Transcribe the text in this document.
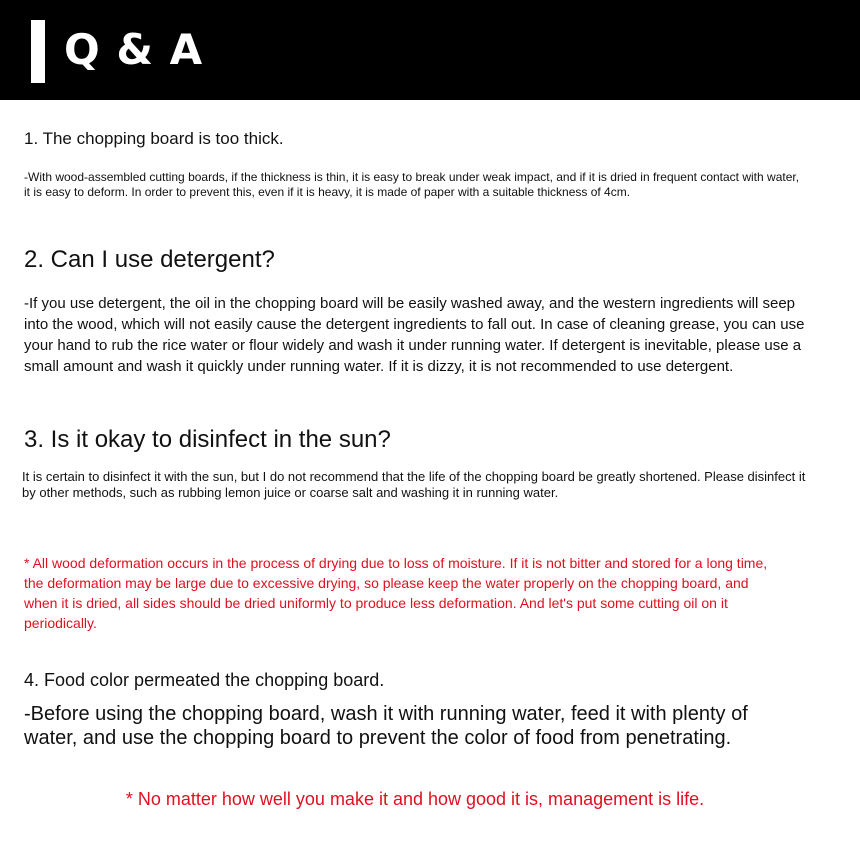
Q & A
1. The chopping board is too thick.

-With wood-assembled cutting boards, if the thickness is thin, it is easy to break under weak impact, and if it is dried in frequent contact with water, it is easy to deform. In order to prevent this, even if it is heavy, it is made of paper with a suitable thickness of 4cm.

2. Can I use detergent?

-If you use detergent, the oil in the chopping board will be easily washed away, and the western ingredients will seep into the wood, which will not easily cause the detergent ingredients to fall out. In case of cleaning grease, you can use your hand to rub the rice water or flour widely and wash it under running water. If detergent is inevitable, please use a small amount and wash it quickly under running water. If it is dizzy, it is not recommended to use detergent.

3. Is it okay to disinfect in the sun?

It is certain to disinfect it with the sun, but I do not recommend that the life of the chopping board be greatly shortened. Please disinfect it by other methods, such as rubbing lemon juice or coarse salt and washing it in running water.

* All wood deformation occurs in the process of drying due to loss of moisture. If it is not bitter and stored for a long time, the deformation may be large due to excessive drying, so please keep the water properly on the chopping board, and when it is dried, all sides should be dried uniformly to produce less deformation. And let's put some cutting oil on it periodically.

4. Food color permeated the chopping board.

-Before using the chopping board, wash it with running water, feed it with plenty of water, and use the chopping board to prevent the color of food from penetrating.

* No matter how well you make it and how good it is, management is life.
